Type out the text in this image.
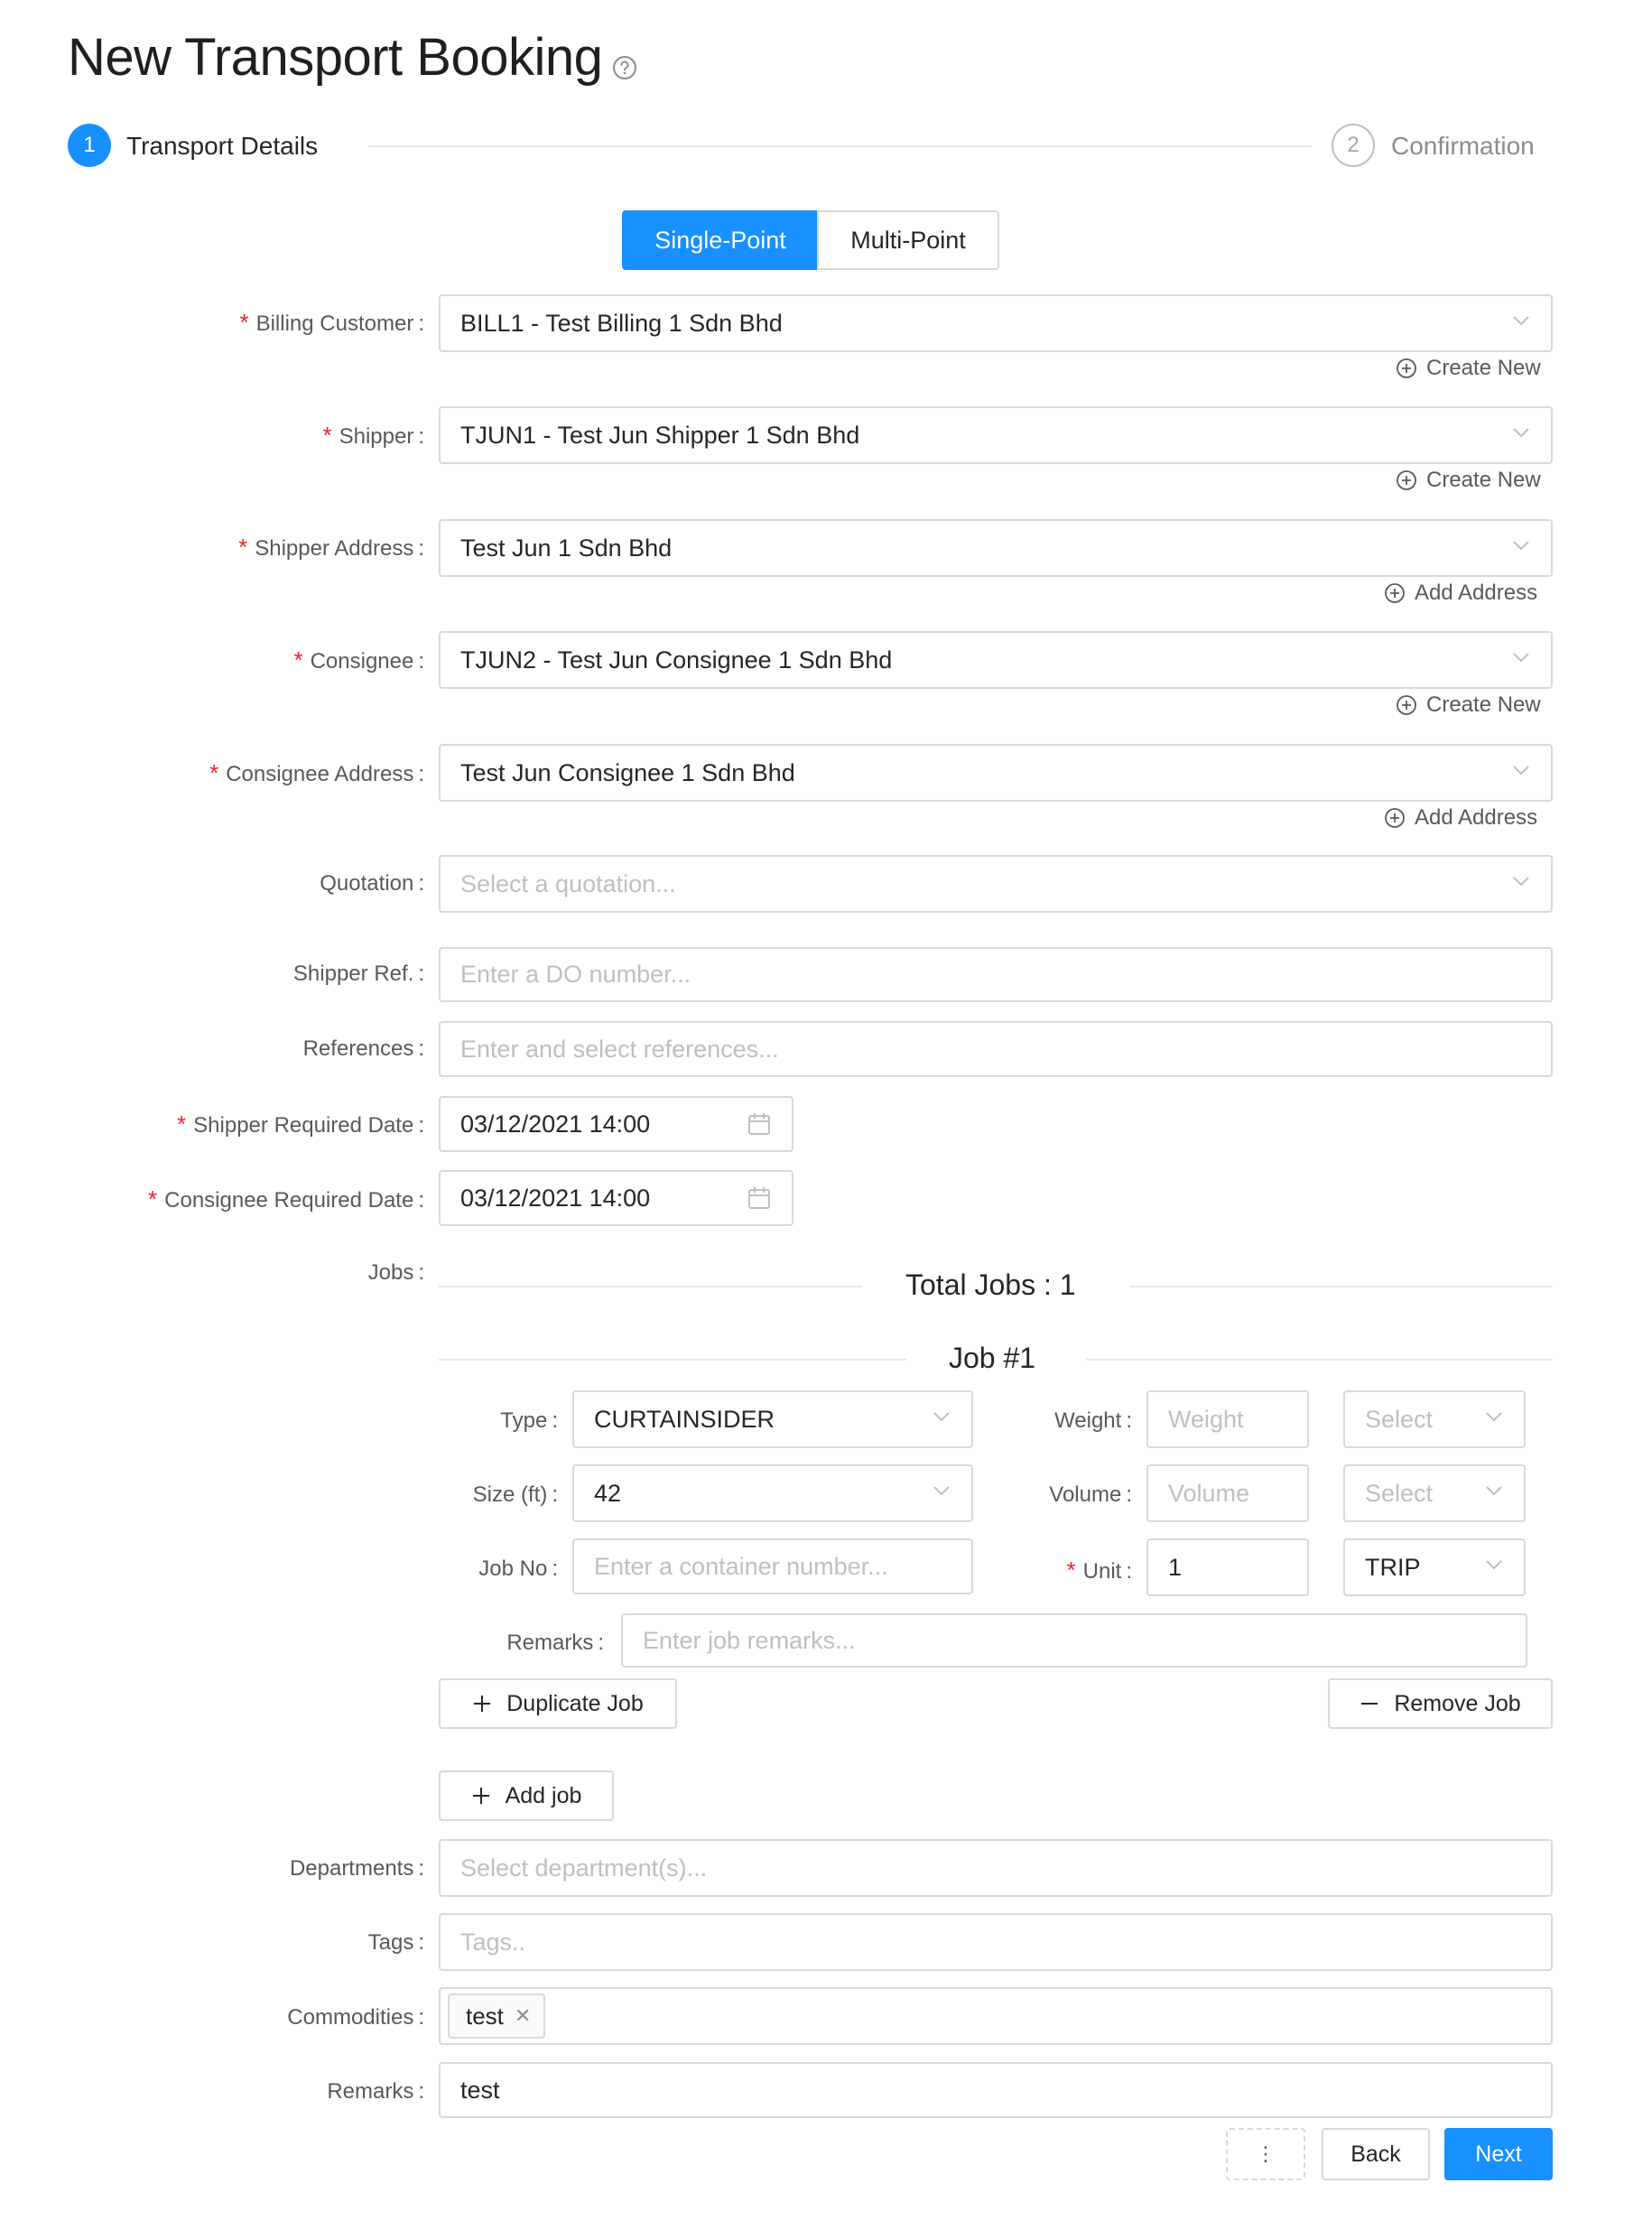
New Transport Booking
1	Transport Details	2	Confirmation
Single-Point	Multi-Point
* Billing Customer : BILL1 - Test Billing 1 Sdn Bhd
Create New
* Shipper : TJUN1 - Test Jun Shipper 1 Sdn Bhd
Create New
* Shipper Address : Test Jun 1 Sdn Bhd
Add Address
* Consignee : TJUN2 - Test Jun Consignee 1 Sdn Bhd
Create New
* Consignee Address : Test Jun Consignee 1 Sdn Bhd
Add Address
Quotation : Select a quotation...
Shipper Ref. : Enter a DO number...
References : Enter and select references...
* Shipper Required Date : 03/12/2021 14:00
* Consignee Required Date : 03/12/2021 14:00
Jobs :	Total Jobs : 1
Job #1
Type : CURTAINSIDER	Weight : Weight	Select
Size (ft) : 42	Volume : Volume	Select
Job No : Enter a container number...	* Unit : 1	TRIP
Remarks : Enter job remarks...
Duplicate Job	Remove Job
Add job
Departments : Select department(s)...
Tags : Tags..
Commodities : test ✕
Remarks : test
⋮	Back	Next
